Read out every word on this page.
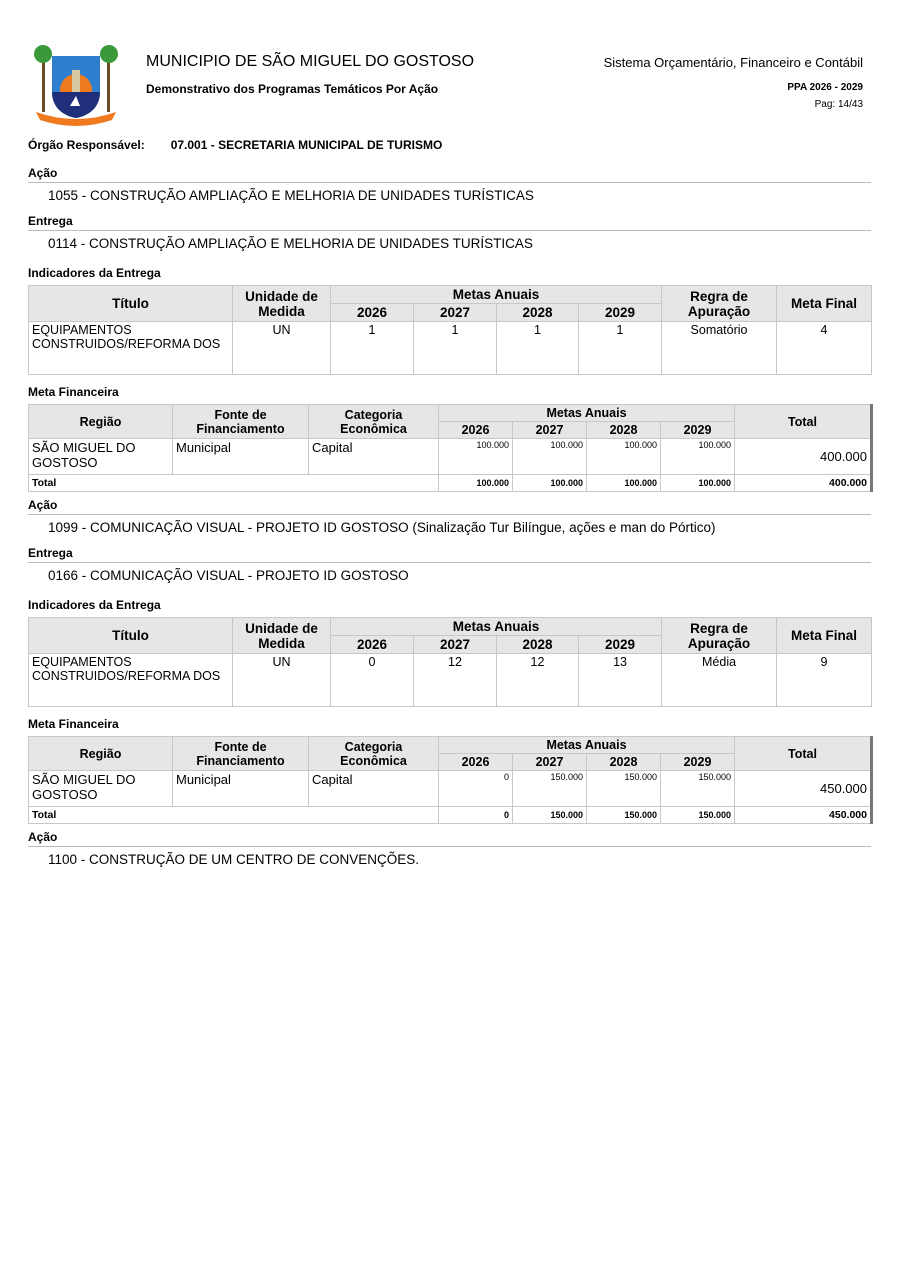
MUNICIPIO DE SÃO MIGUEL DO GOSTOSO
Demonstrativo dos Programas Temáticos Por Ação
Sistema Orçamentário, Financeiro e Contábil
PPA 2026 - 2029
Pag: 14/43
Órgão Responsável: 07.001 - SECRETARIA MUNICIPAL DE TURISMO
Ação
1055 - CONSTRUÇÃO AMPLIAÇÃO E MELHORIA DE UNIDADES TURÍSTICAS
Entrega
0114 - CONSTRUÇÃO AMPLIAÇÃO E MELHORIA DE UNIDADES TURÍSTICAS
Indicadores da Entrega
Título	Unidade de Medida	Metas Anuais				Regra de Apuração	Meta Final
		2026	2027	2028	2029		
EQUIPAMENTOS CONSTRUIDOS/REFORMA DOS	UN	1	1	1	1	Somatório	4
Meta Financeira
Região	Fonte de Financiamento	Categoria Econômica	Metas Anuais				Total
			2026	2027	2028	2029	
SÃO MIGUEL DO GOSTOSO	Municipal	Capital	100.000	100.000	100.000	100.000	400.000
Total			100.000	100.000	100.000	100.000	400.000
Ação
1099 - COMUNICAÇÃO VISUAL - PROJETO ID GOSTOSO (Sinalização Tur Bilíngue, ações e man do Pórtico)
Entrega
0166 - COMUNICAÇÃO VISUAL - PROJETO ID GOSTOSO
Indicadores da Entrega
Título	Unidade de Medida	Metas Anuais				Regra de Apuração	Meta Final
		2026	2027	2028	2029		
EQUIPAMENTOS CONSTRUIDOS/REFORMA DOS	UN	0	12	12	13	Média	9
Meta Financeira
Região	Fonte de Financiamento	Categoria Econômica	Metas Anuais				Total
			2026	2027	2028	2029	
SÃO MIGUEL DO GOSTOSO	Municipal	Capital	0	150.000	150.000	150.000	450.000
Total			0	150.000	150.000	150.000	450.000
Ação
1100 - CONSTRUÇÃO DE UM CENTRO DE CONVENÇÕES.
